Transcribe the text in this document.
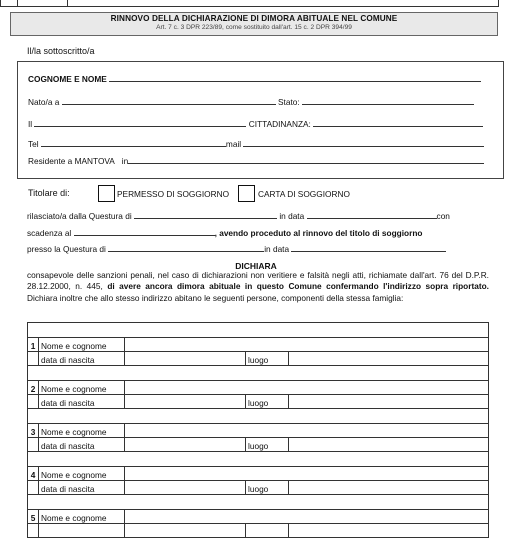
RINNOVO DELLA DICHIARAZIONE DI DIMORA ABITUALE NEL COMUNE
Art. 7 c. 3 DPR 223/89, come sostituito dall'art. 15 c. 2 DPR 394/99
Il/la sottoscritto/a
COGNOME E NOME
Nato/a a	Stato:
Il	CITTADINANZA:
Tel	mail
Residente a MANTOVA in
Titolare di:	PERMESSO DI SOGGIORNO	CARTA DI SOGGIORNO
rilasciato/a dalla Questura di	in data	con
scadenza al	, avendo proceduto al rinnovo del titolo di soggiorno
presso la Questura di	in data
DICHIARA
consapevole delle sanzioni penali, nel caso di dichiarazioni non veritiere e falsità negli atti, richiamate dall'art. 76 del D.P.R. 28.12.2000, n. 445, di avere ancora dimora abituale in questo Comune confermando l'indirizzo sopra riportato. Dichiara inoltre che allo stesso indirizzo abitano le seguenti persone, componenti della stessa famiglia:

1	Nome e cognome			
	data di nascita		luogo	

2	Nome e cognome			
	data di nascita		luogo	

3	Nome e cognome			
	data di nascita		luogo	

4	Nome e cognome			
	data di nascita		luogo	

5	Nome e cognome			
